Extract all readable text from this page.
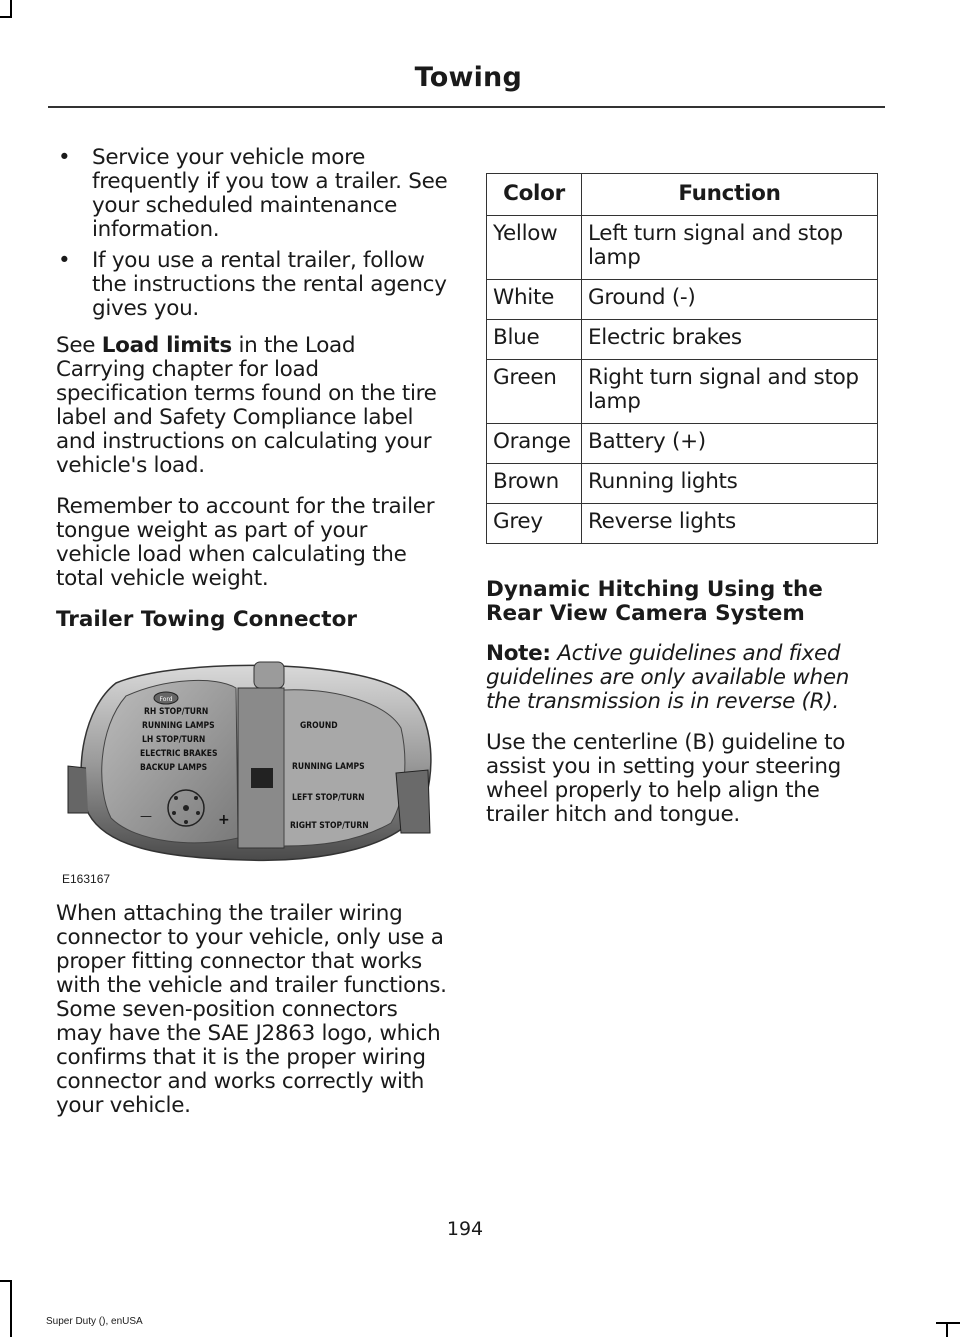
Towing
•	Service your vehicle more frequently if you tow a trailer. See your scheduled maintenance information.
•	If you use a rental trailer, follow the instructions the rental agency gives you.

See Load limits in the Load Carrying chapter for load specification terms found on the tire label and Safety Compliance label and instructions on calculating your vehicle's load.

Remember to account for the trailer tongue weight as part of your vehicle load when calculating the total vehicle weight.

Trailer Towing Connector
Ford
RH STOP/TURN
RUNNING LAMPS
LH STOP/TURN
ELECTRIC BRAKES
BACKUP LAMPS
GROUND
RUNNING LAMPS
LEFT STOP/TURN
RIGHT STOP/TURN
—	+
E163167

When attaching the trailer wiring connector to your vehicle, only use a proper fitting connector that works with the vehicle and trailer functions. Some seven-position connectors may have the SAE J2863 logo, which confirms that it is the proper wiring connector and works correctly with your vehicle.

Color	Function
Yellow	Left turn signal and stop lamp
White	Ground (-)
Blue	Electric brakes
Green	Right turn signal and stop lamp
Orange	Battery (+)
Brown	Running lights
Grey	Reverse lights
Dynamic Hitching Using the Rear View Camera System

Note: Active guidelines and fixed guidelines are only available when the transmission is in reverse (R).

Use the centerline (B) guideline to assist you in setting your steering wheel properly to help align the trailer hitch and tongue.

194
Super Duty (), enUSA
